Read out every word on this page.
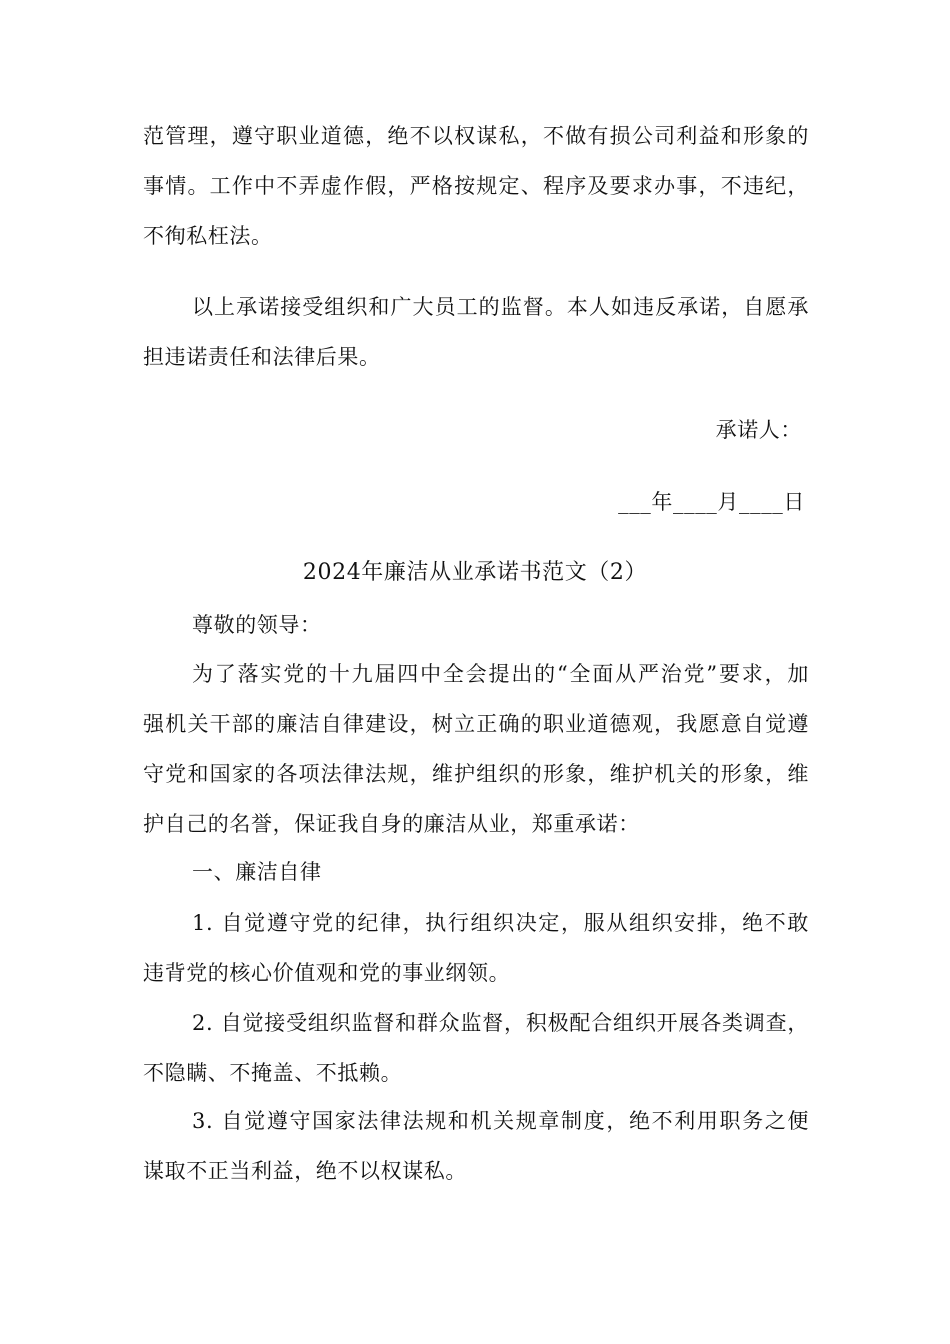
范管理，遵守职业道德，绝不以权谋私，不做有损公司利益和形象的
事情。工作中不弄虚作假，严格按规定、程序及要求办事，不违纪，
不徇私枉法。
以上承诺接受组织和广大员工的监督。本人如违反承诺，自愿承
担违诺责任和法律后果。
承诺人：
___年____月____日
2024年廉洁从业承诺书范文（2）
尊敬的领导：
为了落实党的十九届四中全会提出的“全面从严治党”要求，加
强机关干部的廉洁自律建设，树立正确的职业道德观，我愿意自觉遵
守党和国家的各项法律法规，维护组织的形象，维护机关的形象，维
护自己的名誉，保证我自身的廉洁从业，郑重承诺：
一、廉洁自律
1. 自觉遵守党的纪律，执行组织决定，服从组织安排，绝不敢
违背党的核心价值观和党的事业纲领。
2. 自觉接受组织监督和群众监督，积极配合组织开展各类调查，
不隐瞒、不掩盖、不抵赖。
3. 自觉遵守国家法律法规和机关规章制度，绝不利用职务之便
谋取不正当利益，绝不以权谋私。
